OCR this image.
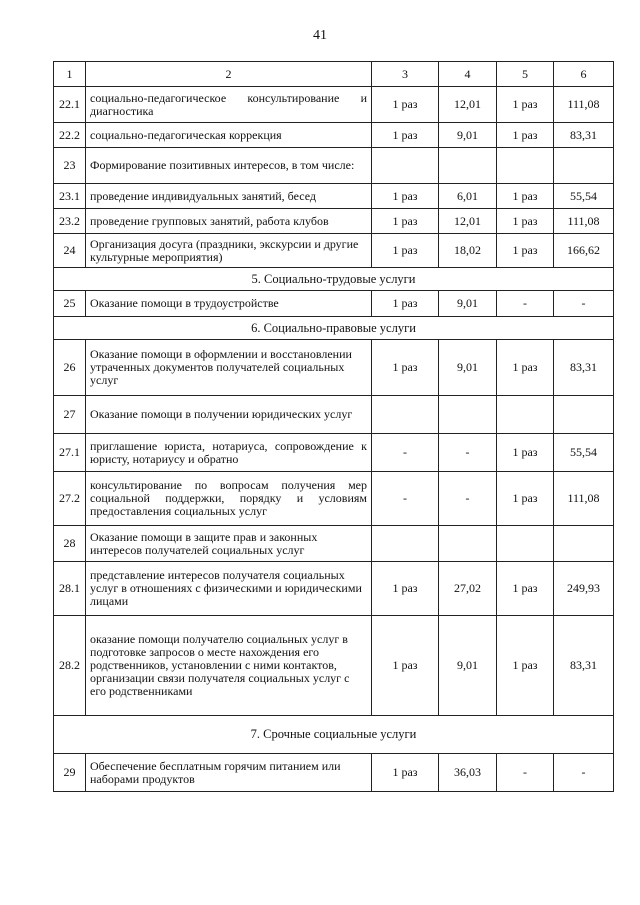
41
1	2	3	4	5	6
22.1	социально-педагогическое консультирование и диагностика	1 раз	12,01	1 раз	111,08
22.2	социально-педагогическая коррекция	1 раз	9,01	1 раз	83,31
23	Формирование позитивных интересов, в том числе:				
23.1	проведение индивидуальных занятий, бесед	1 раз	6,01	1 раз	55,54
23.2	проведение групповых занятий, работа клубов	1 раз	12,01	1 раз	111,08
24	Организация досуга (праздники, экскурсии и другие культурные мероприятия)	1 раз	18,02	1 раз	166,62
5. Социально-трудовые услуги					
25	Оказание помощи в трудоустройстве	1 раз	9,01	-	-
6. Социально-правовые услуги					
26	Оказание помощи в оформлении и восстановлении утраченных документов получателей социальных услуг	1 раз	9,01	1 раз	83,31
27	Оказание помощи в получении юридических услуг				
27.1	приглашение юриста, нотариуса, сопровождение к юристу, нотариусу и обратно	-	-	1 раз	55,54
27.2	консультирование по вопросам получения мер социальной поддержки, порядку и условиям предоставления социальных услуг	-	-	1 раз	111,08
28	Оказание помощи в защите прав и законных интересов получателей социальных услуг				
28.1	представление интересов получателя социальных услуг в отношениях с физическими и юридическими лицами	1 раз	27,02	1 раз	249,93
28.2	оказание помощи получателю социальных услуг в подготовке запросов о месте нахождения его родственников, установлении с ними контактов, организации связи получателя социальных услуг с его родственниками	1 раз	9,01	1 раз	83,31
7. Срочные социальные услуги					
29	Обеспечение бесплатным горячим питанием или наборами продуктов	1 раз	36,03	-	-
